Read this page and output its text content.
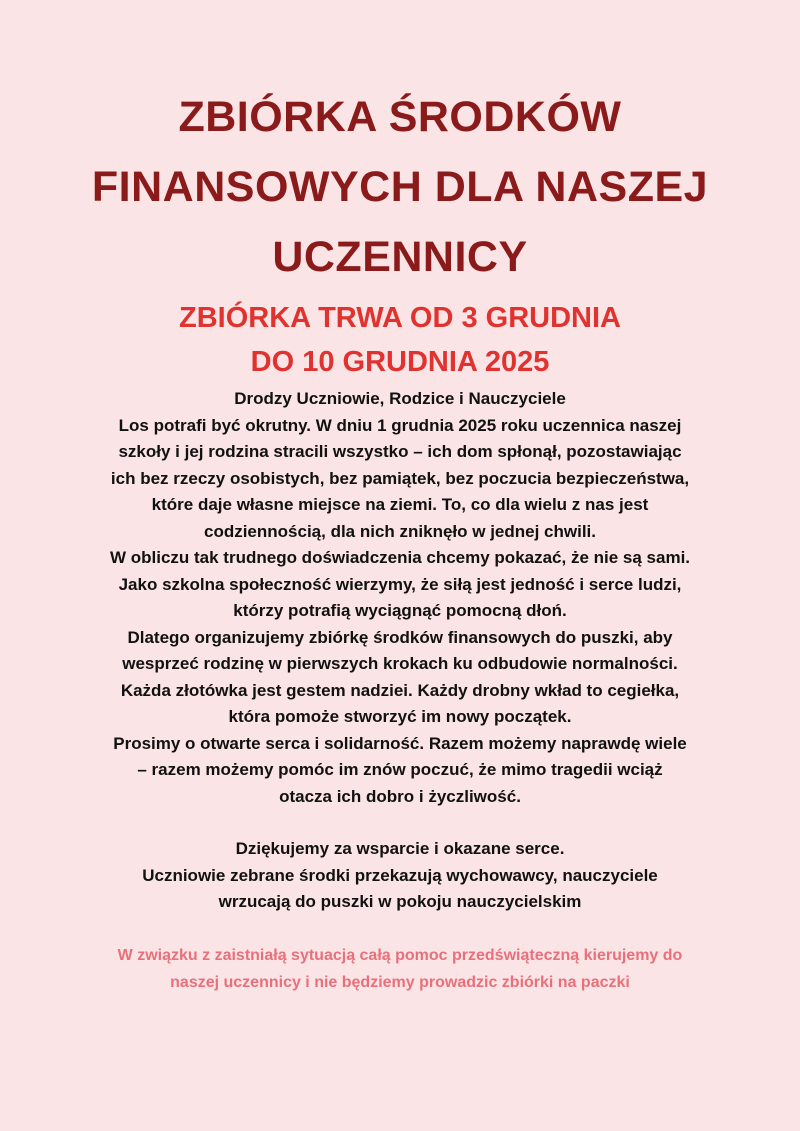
ZBIÓRKA ŚRODKÓW
FINANSOWYCH DLA NASZEJ
UCZENNICY
ZBIÓRKA TRWA OD 3 GRUDNIA
DO 10 GRUDNIA 2025
Drodzy Uczniowie, Rodzice i Nauczyciele
Los potrafi być okrutny. W dniu 1 grudnia 2025 roku uczennica naszej
szkoły i jej rodzina stracili wszystko – ich dom spłonął, pozostawiając
ich bez rzeczy osobistych, bez pamiątek, bez poczucia bezpieczeństwa,
które daje własne miejsce na ziemi. To, co dla wielu z nas jest
codziennością, dla nich zniknęło w jednej chwili.
W obliczu tak trudnego doświadczenia chcemy pokazać, że nie są sami.
Jako szkolna społeczność wierzymy, że siłą jest jedność i serce ludzi,
którzy potrafią wyciągnąć pomocną dłoń.
Dlatego organizujemy zbiórkę środków finansowych do puszki, aby
wesprzeć rodzinę w pierwszych krokach ku odbudowie normalności.
Każda złotówka jest gestem nadziei. Każdy drobny wkład to cegiełka,
która pomoże stworzyć im nowy początek.
Prosimy o otwarte serca i solidarność. Razem możemy naprawdę wiele
– razem możemy pomóc im znów poczuć, że mimo tragedii wciąż
otacza ich dobro i życzliwość.
Dziękujemy za wsparcie i okazane serce.
Uczniowie zebrane środki przekazują wychowawcy, nauczyciele
wrzucają do puszki w pokoju nauczycielskim
W związku z zaistniałą sytuacją całą pomoc przedświąteczną kierujemy do
naszej uczennicy i nie będziemy prowadzic zbiórki na paczki
